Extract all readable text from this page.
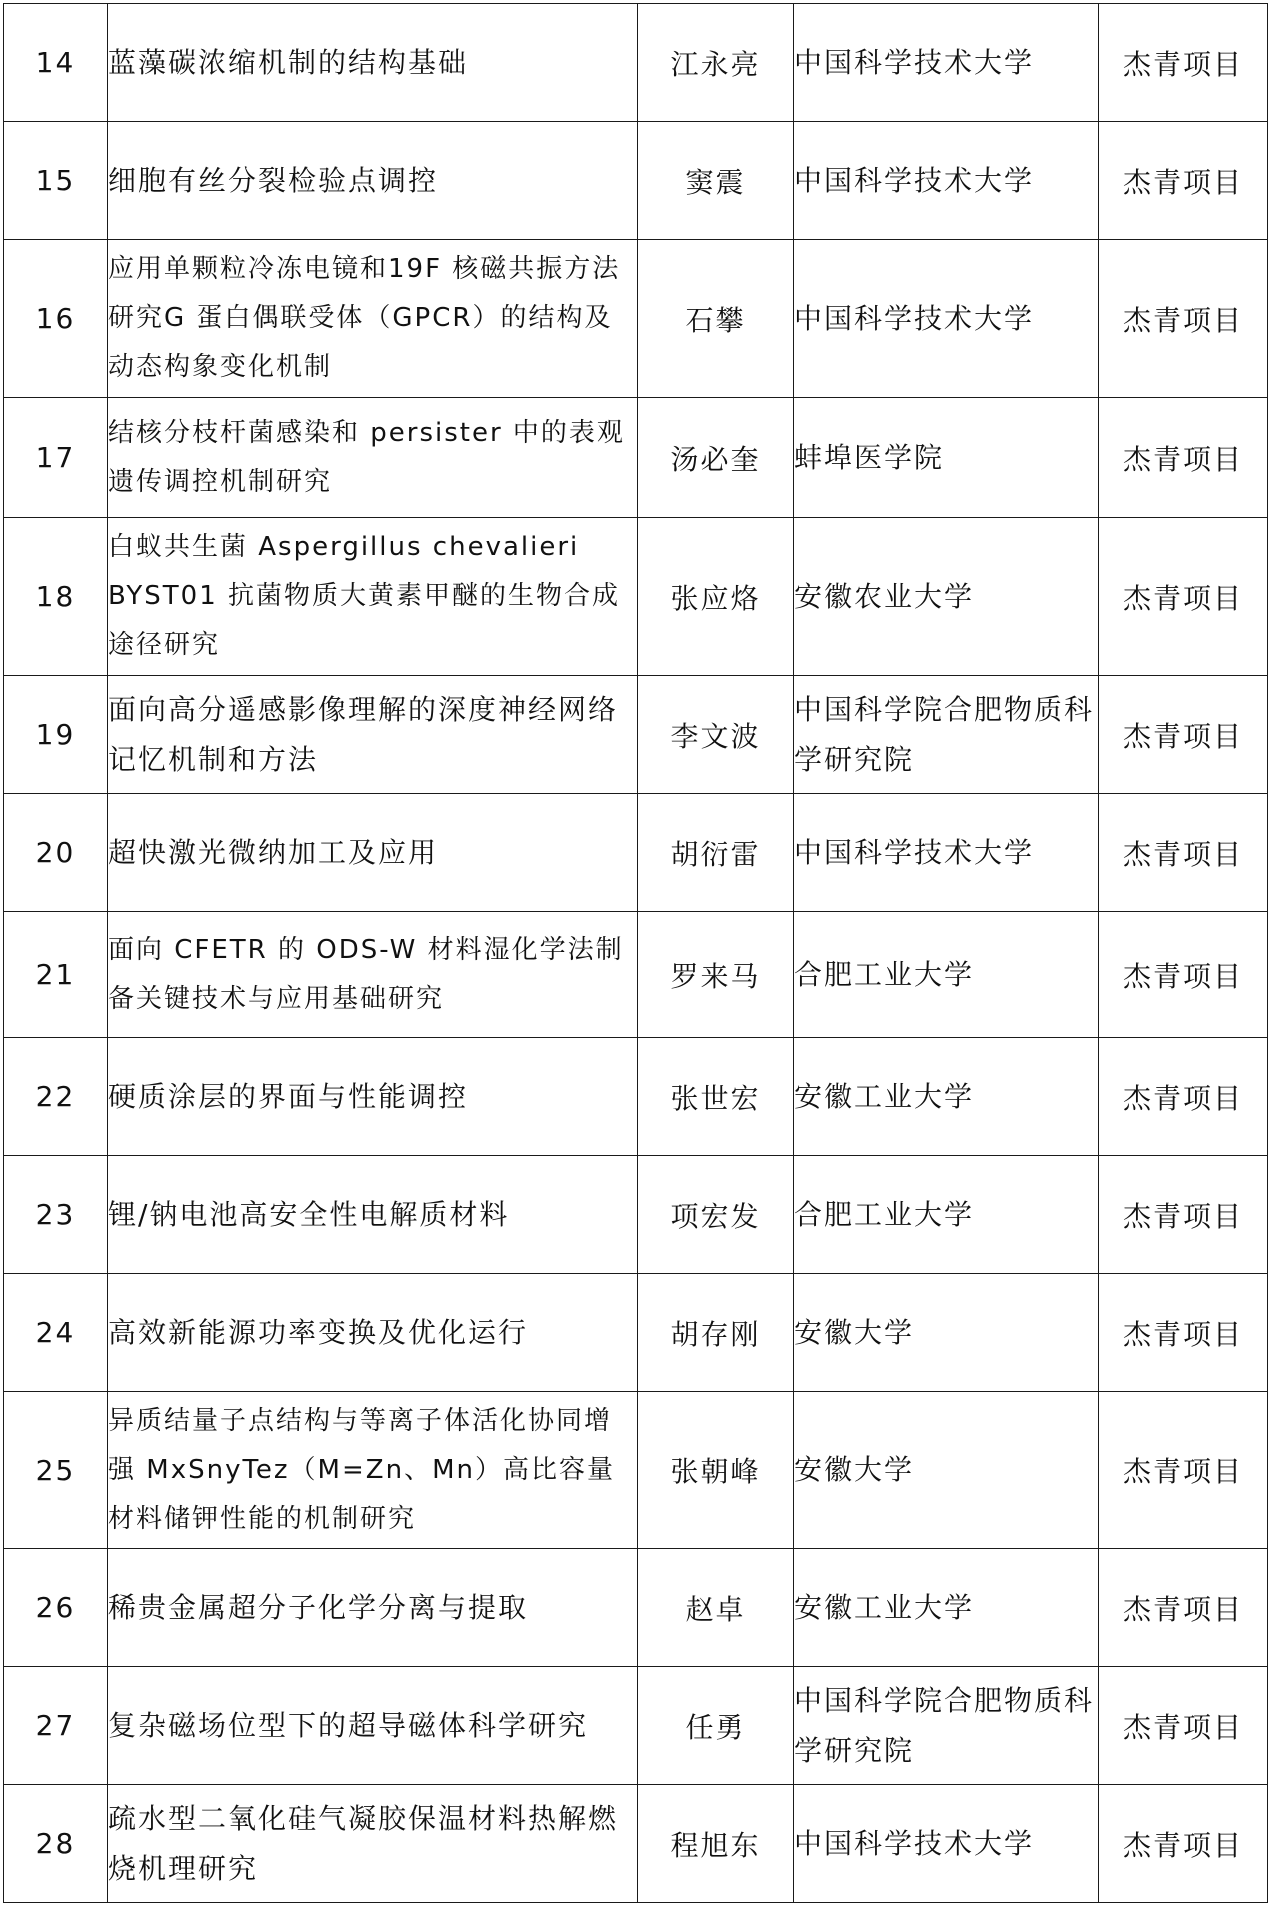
14	蓝藻碳浓缩机制的结构基础	江永亮	中国科学技术大学	杰青项目
15	细胞有丝分裂检验点调控	窦震	中国科学技术大学	杰青项目
16	应用单颗粒冷冻电镜和19F 核磁共振方法研究G 蛋白偶联受体（GPCR）的结构及动态构象变化机制	石攀	中国科学技术大学	杰青项目
17	结核分枝杆菌感染和 persister 中的表观遗传调控机制研究	汤必奎	蚌埠医学院	杰青项目
18	白蚁共生菌 Aspergillus chevalieri BYST01 抗菌物质大黄素甲醚的生物合成途径研究	张应烙	安徽农业大学	杰青项目
19	面向高分遥感影像理解的深度神经网络记忆机制和方法	李文波	中国科学院合肥物质科学研究院	杰青项目
20	超快激光微纳加工及应用	胡衍雷	中国科学技术大学	杰青项目
21	面向 CFETR 的 ODS-W 材料湿化学法制备关键技术与应用基础研究	罗来马	合肥工业大学	杰青项目
22	硬质涂层的界面与性能调控	张世宏	安徽工业大学	杰青项目
23	锂/钠电池高安全性电解质材料	项宏发	合肥工业大学	杰青项目
24	高效新能源功率变换及优化运行	胡存刚	安徽大学	杰青项目
25	异质结量子点结构与等离子体活化协同增强 MxSnyTez（M=Zn、Mn）高比容量材料储钾性能的机制研究	张朝峰	安徽大学	杰青项目
26	稀贵金属超分子化学分离与提取	赵卓	安徽工业大学	杰青项目
27	复杂磁场位型下的超导磁体科学研究	任勇	中国科学院合肥物质科学研究院	杰青项目
28	疏水型二氧化硅气凝胶保温材料热解燃烧机理研究	程旭东	中国科学技术大学	杰青项目
